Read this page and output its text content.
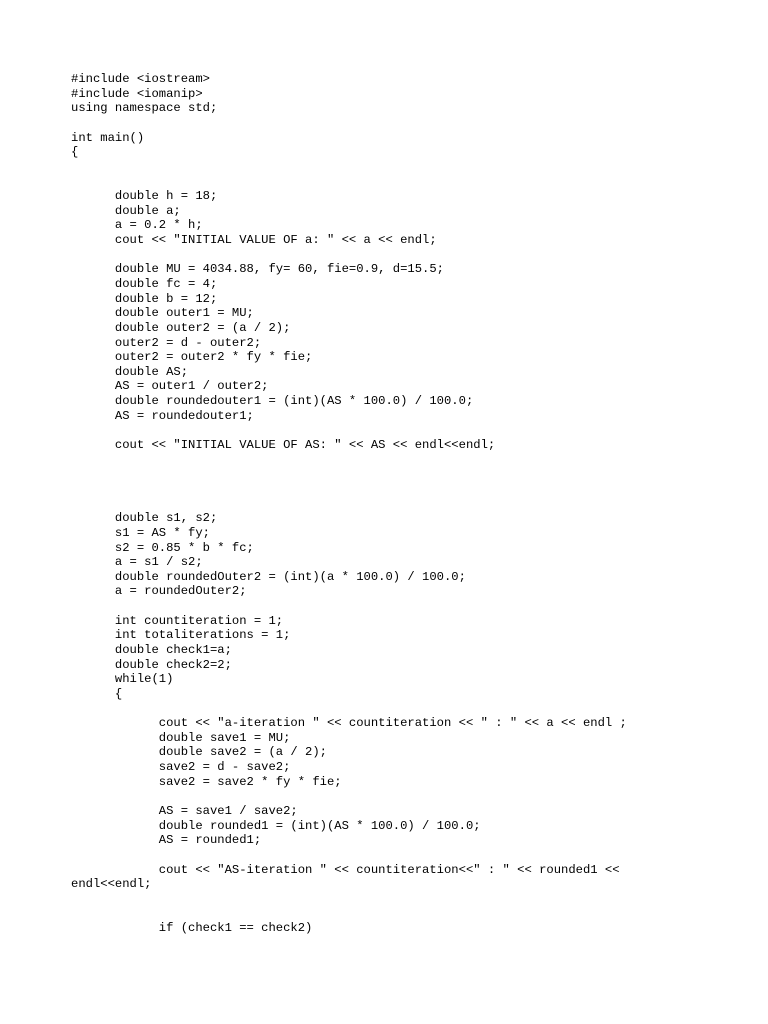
#include <iostream>
#include <iomanip>
using namespace std;
int main()
{
double h = 18;
double a;
a = 0.2 * h;
cout << "INITIAL VALUE OF a: " << a << endl;
double MU = 4034.88, fy= 60, fie=0.9, d=15.5;
double fc = 4;
double b = 12;
double outer1 = MU;
double outer2 = (a / 2);
outer2 = d - outer2;
outer2 = outer2 * fy * fie;
double AS;
AS = outer1 / outer2;
double roundedouter1 = (int)(AS * 100.0) / 100.0;
AS = roundedouter1;
cout << "INITIAL VALUE OF AS: " << AS << endl<<endl;
double s1, s2;
s1 = AS * fy;
s2 = 0.85 * b * fc;
a = s1 / s2;
double roundedOuter2 = (int)(a * 100.0) / 100.0;
a = roundedOuter2;
int countiteration = 1;
int totaliterations = 1;
double check1=a;
double check2=2;
while(1)
{
cout << "a-iteration " << countiteration << " : " << a << endl ;
double save1 = MU;
double save2 = (a / 2);
save2 = d - save2;
save2 = save2 * fy * fie;
AS = save1 / save2;
double rounded1 = (int)(AS * 100.0) / 100.0;
AS = rounded1;
cout << "AS-iteration " << countiteration<<" : " << rounded1 <<
endl<<endl;
if (check1 == check2)
